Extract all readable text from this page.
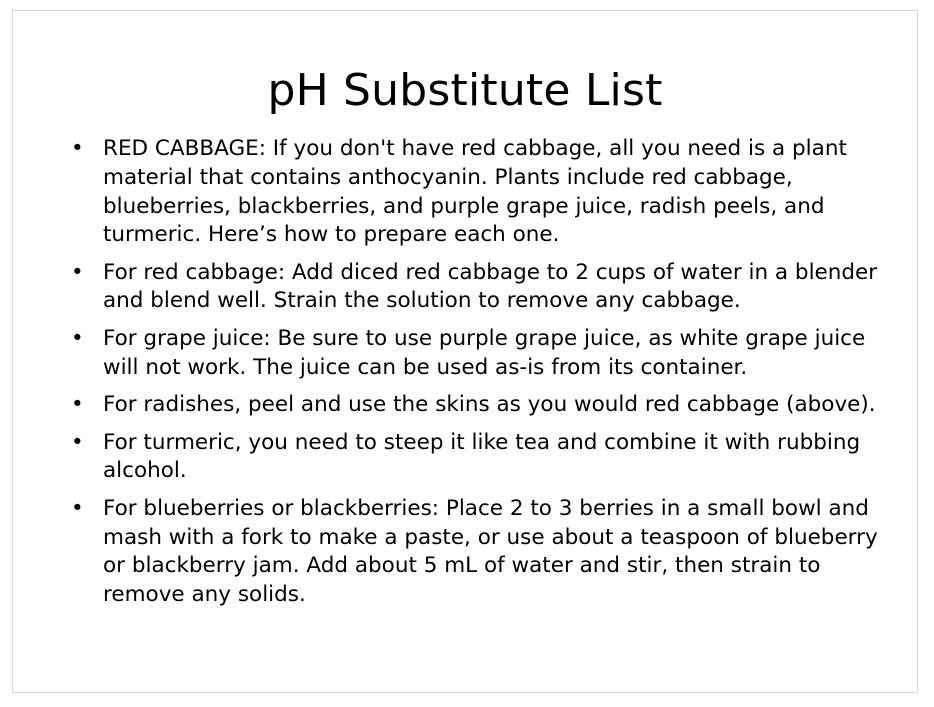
pH Substitute List
• RED CABBAGE: If you don't have red cabbage, all you need is a plant material that contains anthocyanin. Plants include red cabbage, blueberries, blackberries, and purple grape juice, radish peels, and turmeric. Here’s how to prepare each one.
• For red cabbage: Add diced red cabbage to 2 cups of water in a blender and blend well. Strain the solution to remove any cabbage.
• For grape juice: Be sure to use purple grape juice, as white grape juice will not work. The juice can be used as-is from its container.
• For radishes, peel and use the skins as you would red cabbage (above).
• For turmeric, you need to steep it like tea and combine it with rubbing alcohol.
• For blueberries or blackberries: Place 2 to 3 berries in a small bowl and mash with a fork to make a paste, or use about a teaspoon of blueberry or blackberry jam. Add about 5 mL of water and stir, then strain to remove any solids.
